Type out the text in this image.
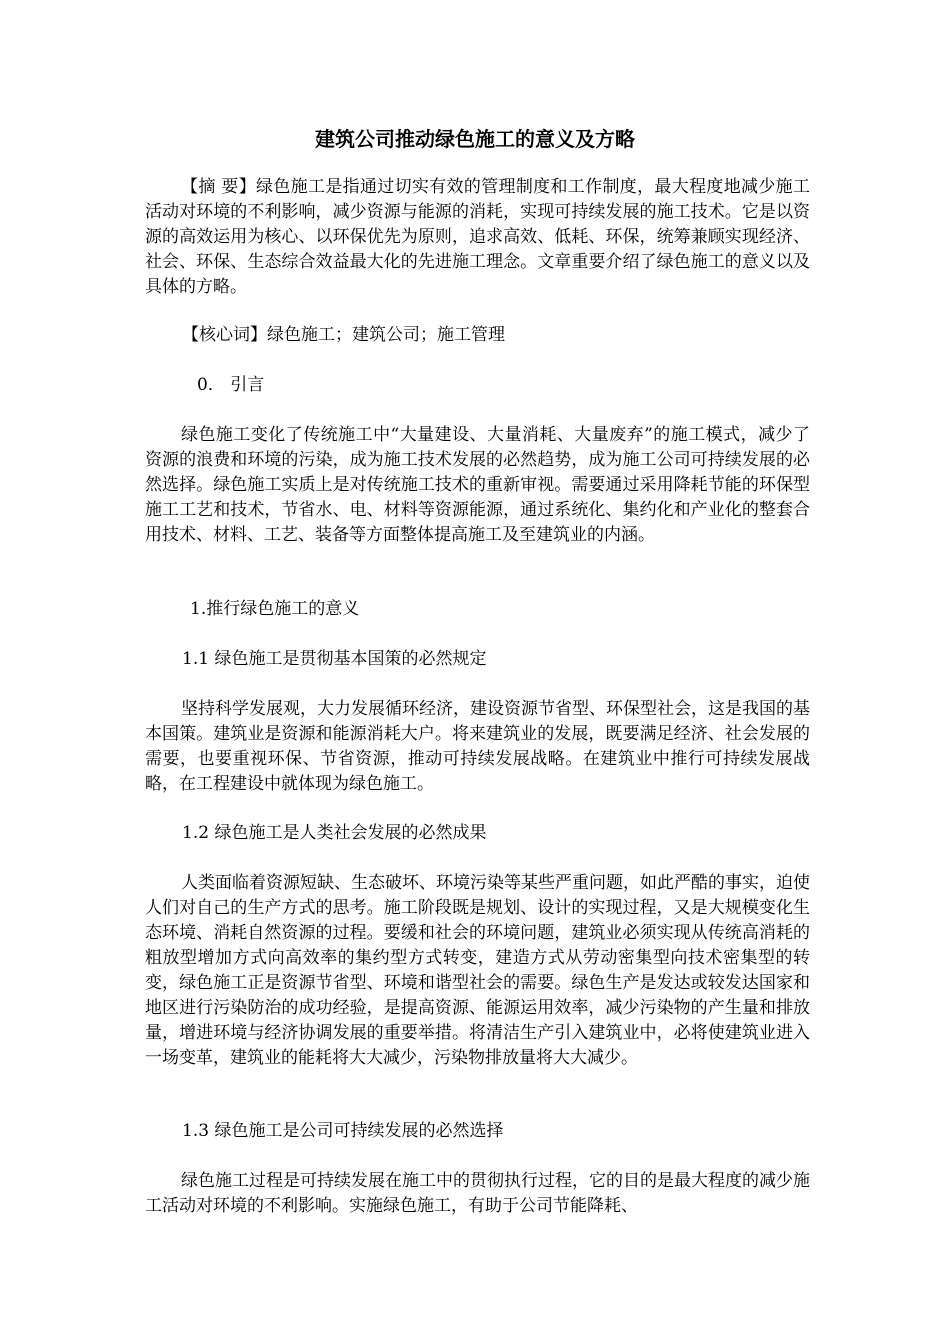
建筑公司推动绿色施工的意义及方略
【摘 要】绿色施工是指通过切实有效的管理制度和工作制度，最大程度地减少施工活动对环境的不利影响，减少资源与能源的消耗，实现可持续发展的施工技术。它是以资源的高效运用为核心、以环保优先为原则，追求高效、低耗、环保，统筹兼顾实现经济、社会、环保、生态综合效益最大化的先进施工理念。文章重要介绍了绿色施工的意义以及具体的方略。
【核心词】绿色施工；建筑公司；施工管理
0． 引言
绿色施工变化了传统施工中“大量建设、大量消耗、大量废弃”的施工模式，减少了资源的浪费和环境的污染，成为施工技术发展的必然趋势，成为施工公司可持续发展的必然选择。绿色施工实质上是对传统施工技术的重新审视。需要通过采用降耗节能的环保型施工工艺和技术，节省水、电、材料等资源能源，通过系统化、集约化和产业化的整套合用技术、材料、工艺、装备等方面整体提高施工及至建筑业的内涵。
1.推行绿色施工的意义
1.1 绿色施工是贯彻基本国策的必然规定
坚持科学发展观，大力发展循环经济，建设资源节省型、环保型社会，这是我国的基本国策。建筑业是资源和能源消耗大户。将来建筑业的发展，既要满足经济、社会发展的需要，也要重视环保、节省资源，推动可持续发展战略。在建筑业中推行可持续发展战略，在工程建设中就体现为绿色施工。
1.2 绿色施工是人类社会发展的必然成果
人类面临着资源短缺、生态破坏、环境污染等某些严重问题，如此严酷的事实，迫使人们对自己的生产方式的思考。施工阶段既是规划、设计的实现过程，又是大规模变化生态环境、消耗自然资源的过程。要缓和社会的环境问题，建筑业必须实现从传统高消耗的粗放型增加方式向高效率的集约型方式转变，建造方式从劳动密集型向技术密集型的转变，绿色施工正是资源节省型、环境和谐型社会的需要。绿色生产是发达或较发达国家和地区进行污染防治的成功经验，是提高资源、能源运用效率，减少污染物的产生量和排放量，增进环境与经济协调发展的重要举措。将清洁生产引入建筑业中，必将使建筑业进入一场变革，建筑业的能耗将大大减少，污染物排放量将大大减少。
1.3 绿色施工是公司可持续发展的必然选择
绿色施工过程是可持续发展在施工中的贯彻执行过程，它的目的是最大程度的减少施工活动对环境的不利影响。实施绿色施工，有助于公司节能降耗、
